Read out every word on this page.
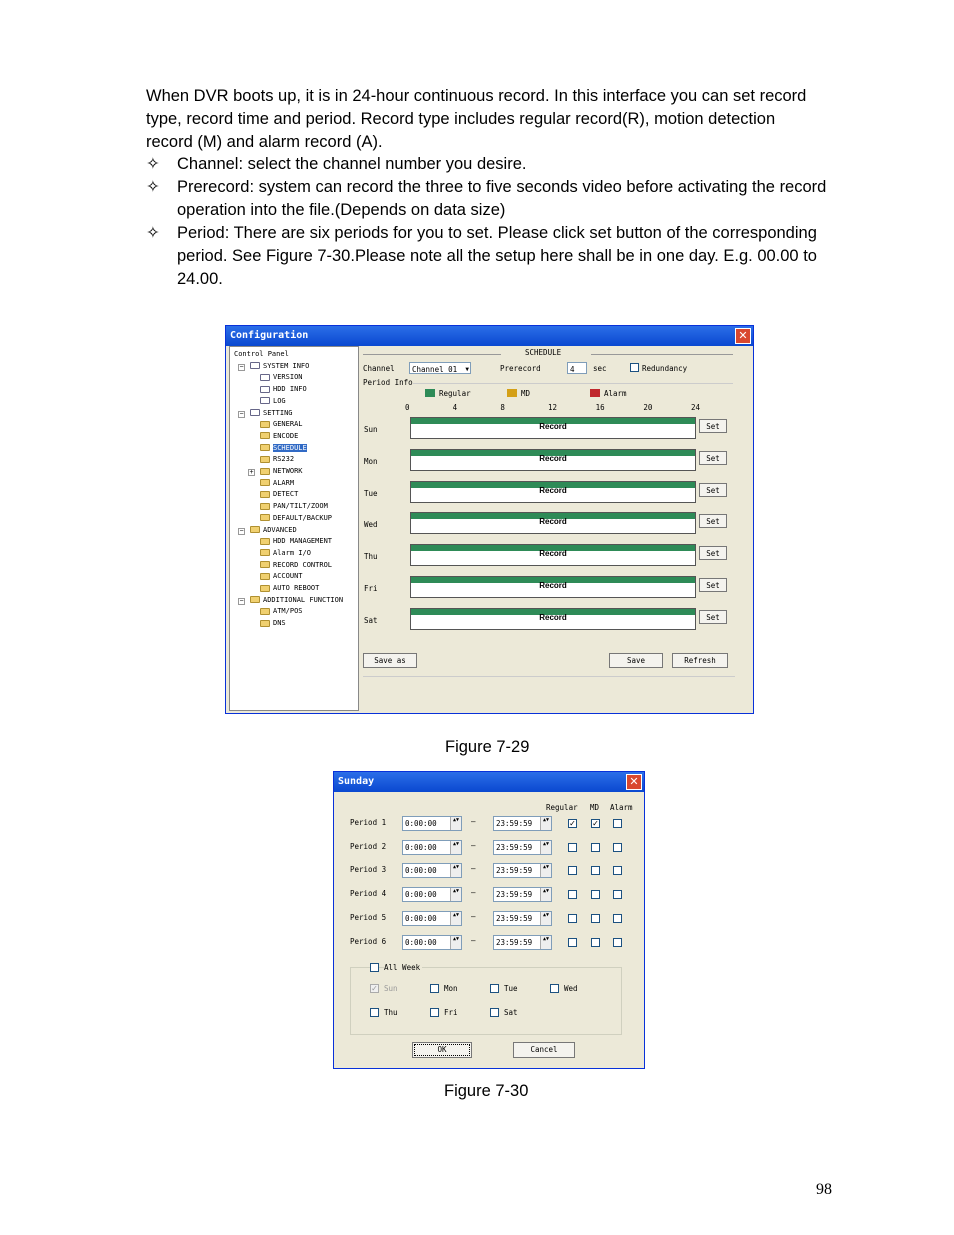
When DVR boots up, it is in 24-hour continuous record. In this interface you can set record type, record time and period. Record type includes regular record(R), motion detection record (M) and alarm record (A).
✧	Channel: select the channel number you desire.
✧	Prerecord: system can record the three to five seconds video before activating the record operation into the file.(Depends on data size)
✧	Period: There are six periods for you to set. Please click set button of the corresponding period. See Figure 7-30.Please note all the setup here shall be in one day. E.g. 00.00 to 24.00.
Configuration	✕
Control Panel
−	SYSTEM INFO
VERSION
HDD INFO
LOG
−	SETTING
GENERAL
ENCODE
SCHEDULE
RS232
+	NETWORK
ALARM
DETECT
PAN/TILT/ZOOM
DEFAULT/BACKUP
−	ADVANCED
HDD MANAGEMENT
Alarm I/O
RECORD CONTROL
ACCOUNT
AUTO REBOOT
−	ADDITIONAL FUNCTION
ATM/POS
DNS
SCHEDULE
Channel	Channel 01 ▼	Prerecord	4	sec	Redundancy
Period Info
Regular	MD	Alarm
0	4	8	12	16	20	24
Sun	Record	Set
Mon	Record	Set
Tue	Record	Set
Wed	Record	Set
Thu	Record	Set
Fri	Record	Set
Sat	Record	Set
Save as	Save	Refresh
Figure 7-29
Sunday	✕
Regular MD Alarm
Period 1	0:00:00	▲▼ —	23:59:59	▲▼	✓ ✓
Period 2	0:00:00	▲▼ —	23:59:59	▲▼
Period 3	0:00:00	▲▼ —	23:59:59	▲▼
Period 4	0:00:00	▲▼ —	23:59:59	▲▼
Period 5	0:00:00	▲▼ —	23:59:59	▲▼
Period 6	0:00:00	▲▼ —	23:59:59	▲▼
All Week
✓ Sun	Mon	Tue	Wed
Thu	Fri	Sat
OK	Cancel
Figure 7-30
98
